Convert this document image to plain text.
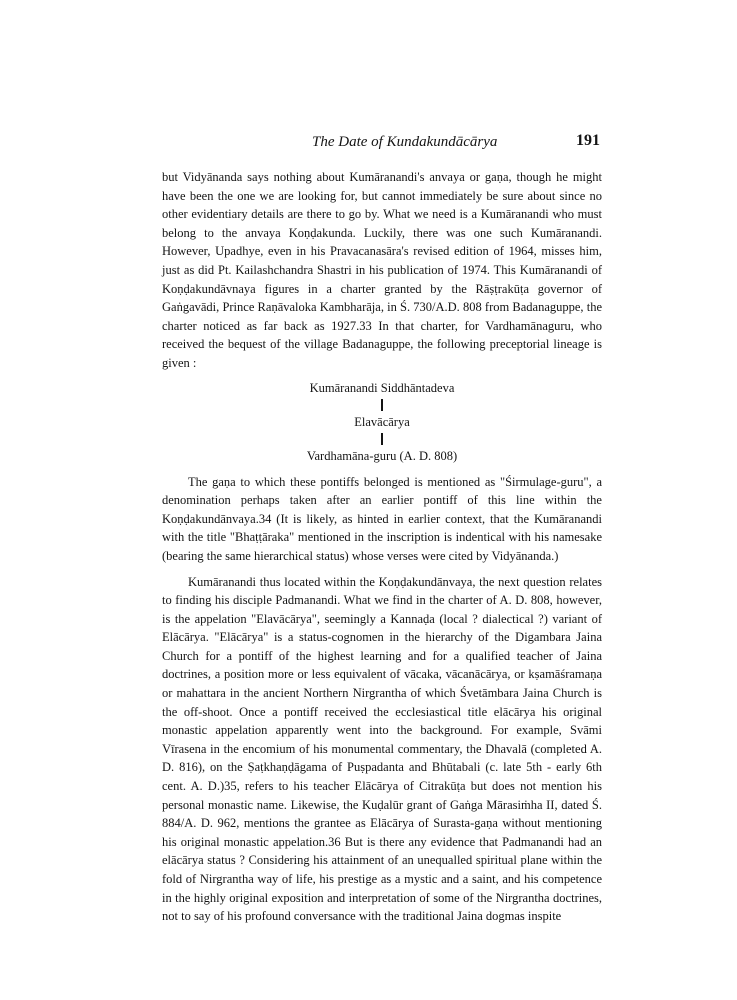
The Date of Kundakundācārya	191

but Vidyānanda says nothing about Kumāranandi's anvaya or gaṇa, though he might have been the one we are looking for, but cannot immediately be sure about since no other evidentiary details are there to go by. What we need is a Kumāranandi who must belong to the anvaya Koṇḍakunda. Luckily, there was one such Kumāranandi. However, Upadhye, even in his Pravacanasāra's revised edition of 1964, misses him, just as did Pt. Kailashchandra Shastri in his publication of 1974. This Kumāranandi of Koṇḍakundāvnaya figures in a charter granted by the Rāṣṭrakūṭa governor of Gaṅgavādi, Prince Raṇāvaloka Kambharāja, in Ś. 730/A.D. 808 from Badanaguppe, the charter noticed as far back as 1927.33 In that charter, for Vardhamānaguru, who received the bequest of the village Badanaguppe, the following preceptorial lineage is given :

Kumāranandi Siddhāntadeva
Elavācārya
Vardhamāna-guru (A. D. 808)

The gaṇa to which these pontiffs belonged is mentioned as "Śirmulage-guru", a denomination perhaps taken after an earlier pontiff of this line within the Koṇḍakundānvaya.34 (It is likely, as hinted in earlier context, that the Kumāranandi with the title "Bhaṭṭāraka" mentioned in the inscription is indentical with his namesake (bearing the same hierarchical status) whose verses were cited by Vidyānanda.)

Kumāranandi thus located within the Koṇḍakundānvaya, the next question relates to finding his disciple Padmanandi. What we find in the charter of A. D. 808, however, is the appelation "Elavācārya", seemingly a Kannaḍa (local ? dialectical ?) variant of Elācārya. "Elācārya" is a status-cognomen in the hierarchy of the Digambara Jaina Church for a pontiff of the highest learning and for a qualified teacher of Jaina doctrines, a position more or less equivalent of vācaka, vācanācārya, or kṣamāśramaṇa or mahattara in the ancient Northern Nirgrantha of which Śvetāmbara Jaina Church is the off-shoot. Once a pontiff received the ecclesiastical title elācārya his original monastic appelation apparently went into the background. For example, Svāmi Vīrasena in the encomium of his monumental commentary, the Dhavalā (completed A. D. 816), on the Ṣaṭkhaṇḍāgama of Puṣpadanta and Bhūtabali (c. late 5th - early 6th cent. A. D.)35, refers to his teacher Elācārya of Citrakūṭa but does not mention his personal monastic name. Likewise, the Kuḍalūr grant of Gaṅga Mārasiṁha II, dated Ś. 884/A. D. 962, mentions the grantee as Elācārya of Surasta-gaṇa without mentioning his original monastic appelation.36 But is there any evidence that Padmanandi had an elācārya status ? Considering his attainment of an unequalled spiritual plane within the fold of Nirgrantha way of life, his prestige as a mystic and a saint, and his competence in the highly original exposition and interpretation of some of the Nirgrantha doctrines, not to say of his profound conversance with the traditional Jaina dogmas inspite
